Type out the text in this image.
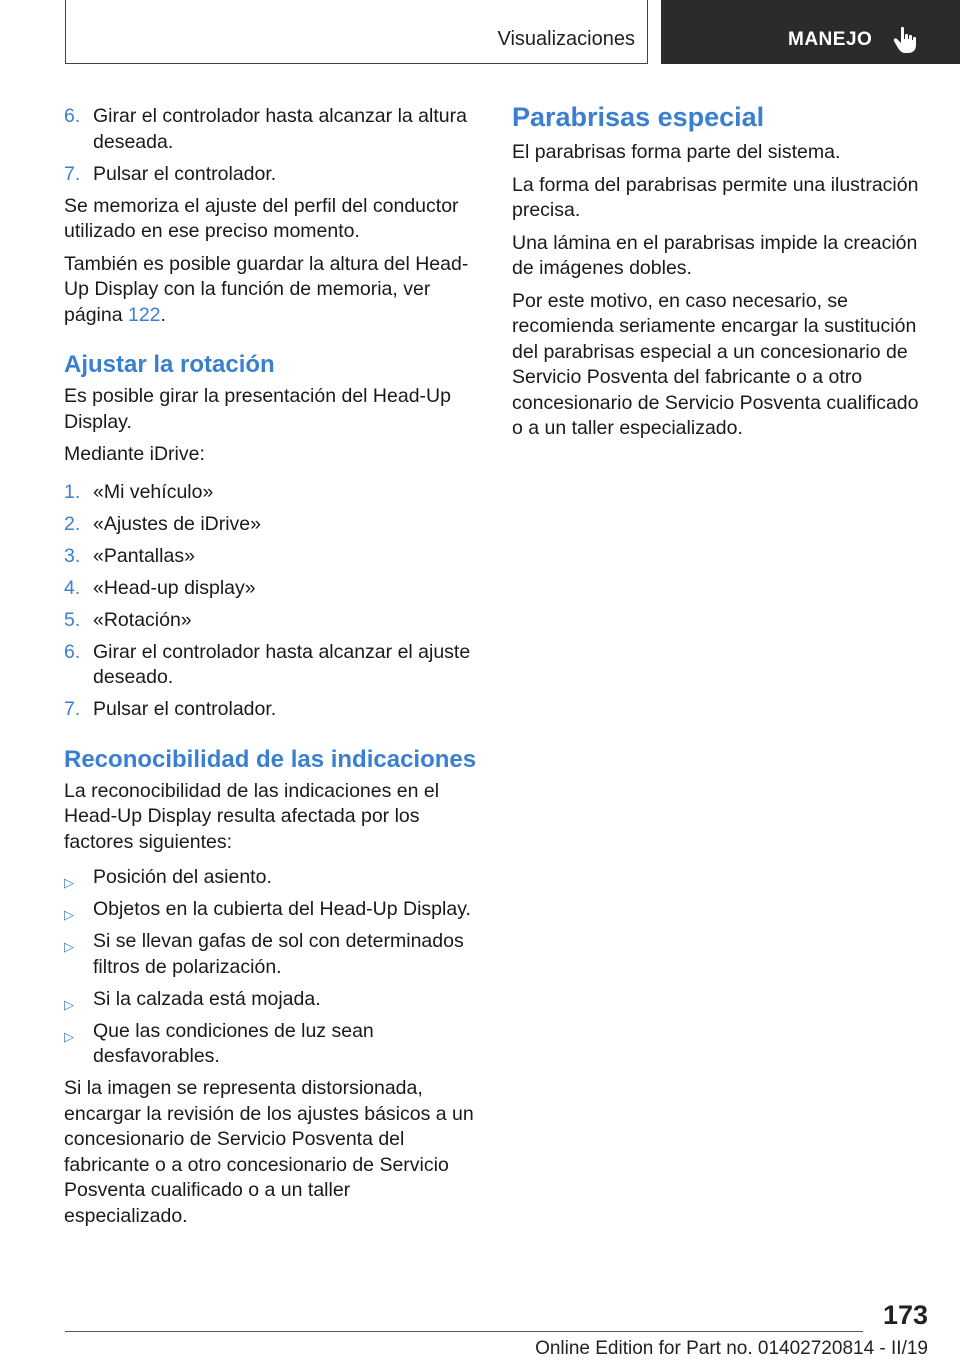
Visualizaciones	MANEJO
6. Girar el controlador hasta alcanzar la altura deseada.
7. Pulsar el controlador.

Se memoriza el ajuste del perfil del conductor utilizado en ese preciso momento.

También es posible guardar la altura del Head-Up Display con la función de memoria, ver página 122.

Ajustar la rotación

Es posible girar la presentación del Head-Up Display.

Mediante iDrive:

1. «Mi vehículo»
2. «Ajustes de iDrive»
3. «Pantallas»
4. «Head-up display»
5. «Rotación»
6. Girar el controlador hasta alcanzar el ajuste deseado.
7. Pulsar el controlador.
Reconocibilidad de las indicaciones

La reconocibilidad de las indicaciones en el Head-Up Display resulta afectada por los factores siguientes:

▷ Posición del asiento.
▷ Objetos en la cubierta del Head-Up Display.
▷ Si se llevan gafas de sol con determinados filtros de polarización.
▷ Si la calzada está mojada.
▷ Que las condiciones de luz sean desfavorables.

Si la imagen se representa distorsionada, encargar la revisión de los ajustes básicos a un concesionario de Servicio Posventa del fabricante o a otro concesionario de Servicio Posventa cualificado o a un taller especializado.

Parabrisas especial

El parabrisas forma parte del sistema.

La forma del parabrisas permite una ilustración precisa.

Una lámina en el parabrisas impide la creación de imágenes dobles.

Por este motivo, en caso necesario, se recomienda seriamente encargar la sustitución del parabrisas especial a un concesionario de Servicio Posventa del fabricante o a otro concesionario de Servicio Posventa cualificado o a un taller especializado.

173
Online Edition for Part no. 01402720814 - II/19
